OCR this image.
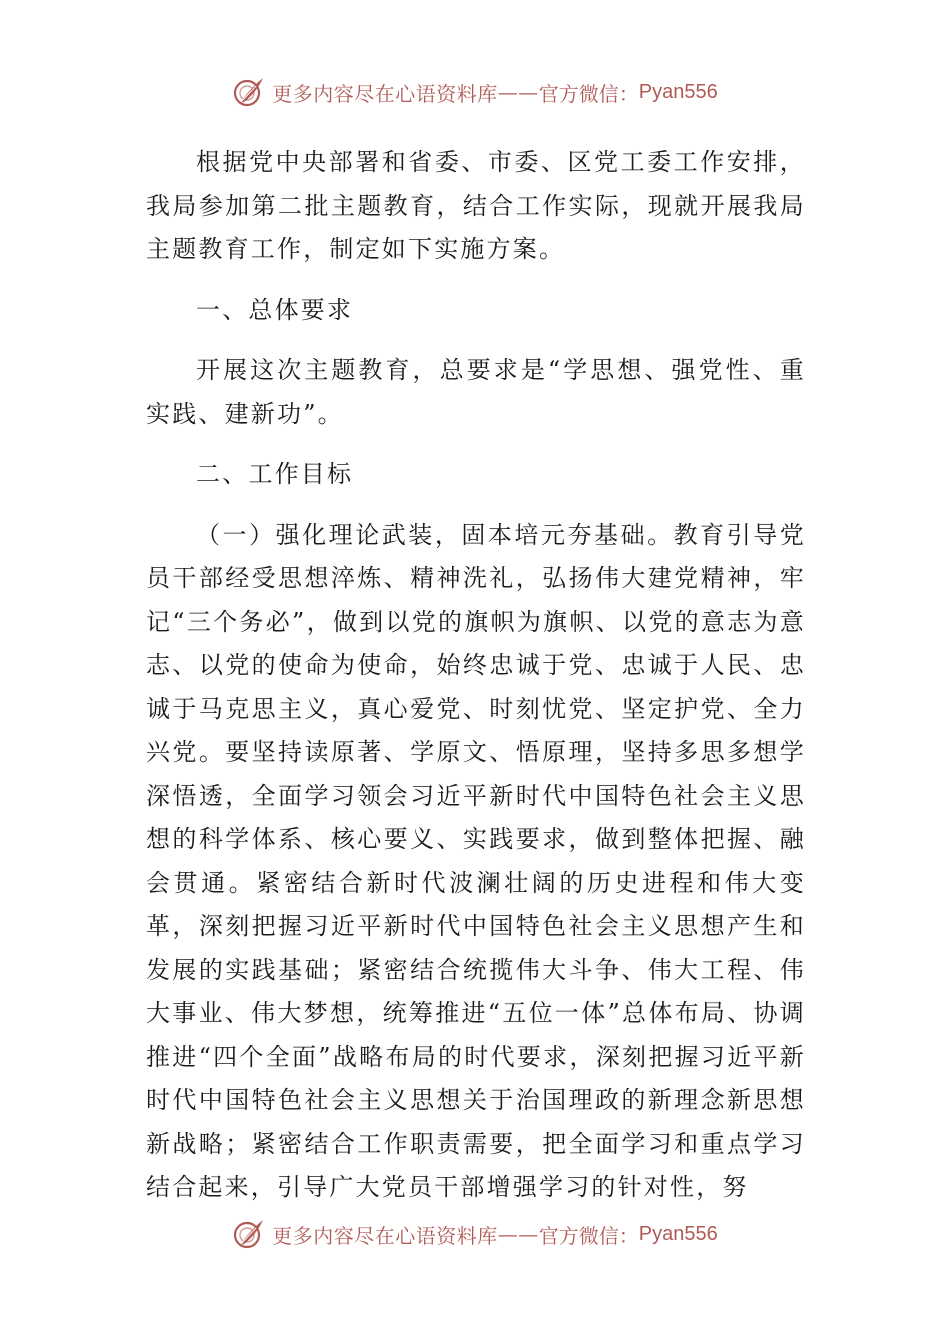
更多内容尽在心语资料库 —— 官方微信： Pyan556

根据党中央部署和省委、市委、区党工委工作安排，我局参加第二批主题教育，结合工作实际，现就开展我局主题教育工作，制定如下实施方案。

一、总体要求

开展这次主题教育，总要求是“学思想、强党性、重实践、建新功”。

二、工作目标

（一）强化理论武装，固本培元夯基础。教育引导党员干部经受思想淬炼、精神洗礼，弘扬伟大建党精神，牢记“三个务必”，做到以党的旗帜为旗帜、以党的意志为意志、以党的使命为使命，始终忠诚于党、忠诚于人民、忠诚于马克思主义，真心爱党、时刻忧党、坚定护党、全力兴党。要坚持读原著、学原文、悟原理，坚持多思多想学深悟透，全面学习领会习近平新时代中国特色社会主义思想的科学体系、核心要义、实践要求，做到整体把握、融会贯通。紧密结合新时代波澜壮阔的历史进程和伟大变革，深刻把握习近平新时代中国特色社会主义思想产生和发展的实践基础；紧密结合统揽伟大斗争、伟大工程、伟大事业、伟大梦想，统筹推进“五位一体”总体布局、协调推进“四个全面”战略布局的时代要求，深刻把握习近平新时代中国特色社会主义思想关于治国理政的新理念新思想新战略；紧密结合工作职责需要，把全面学习和重点学习结合起来，引导广大党员干部增强学习的针对性，努

更多内容尽在心语资料库 —— 官方微信： Pyan556
